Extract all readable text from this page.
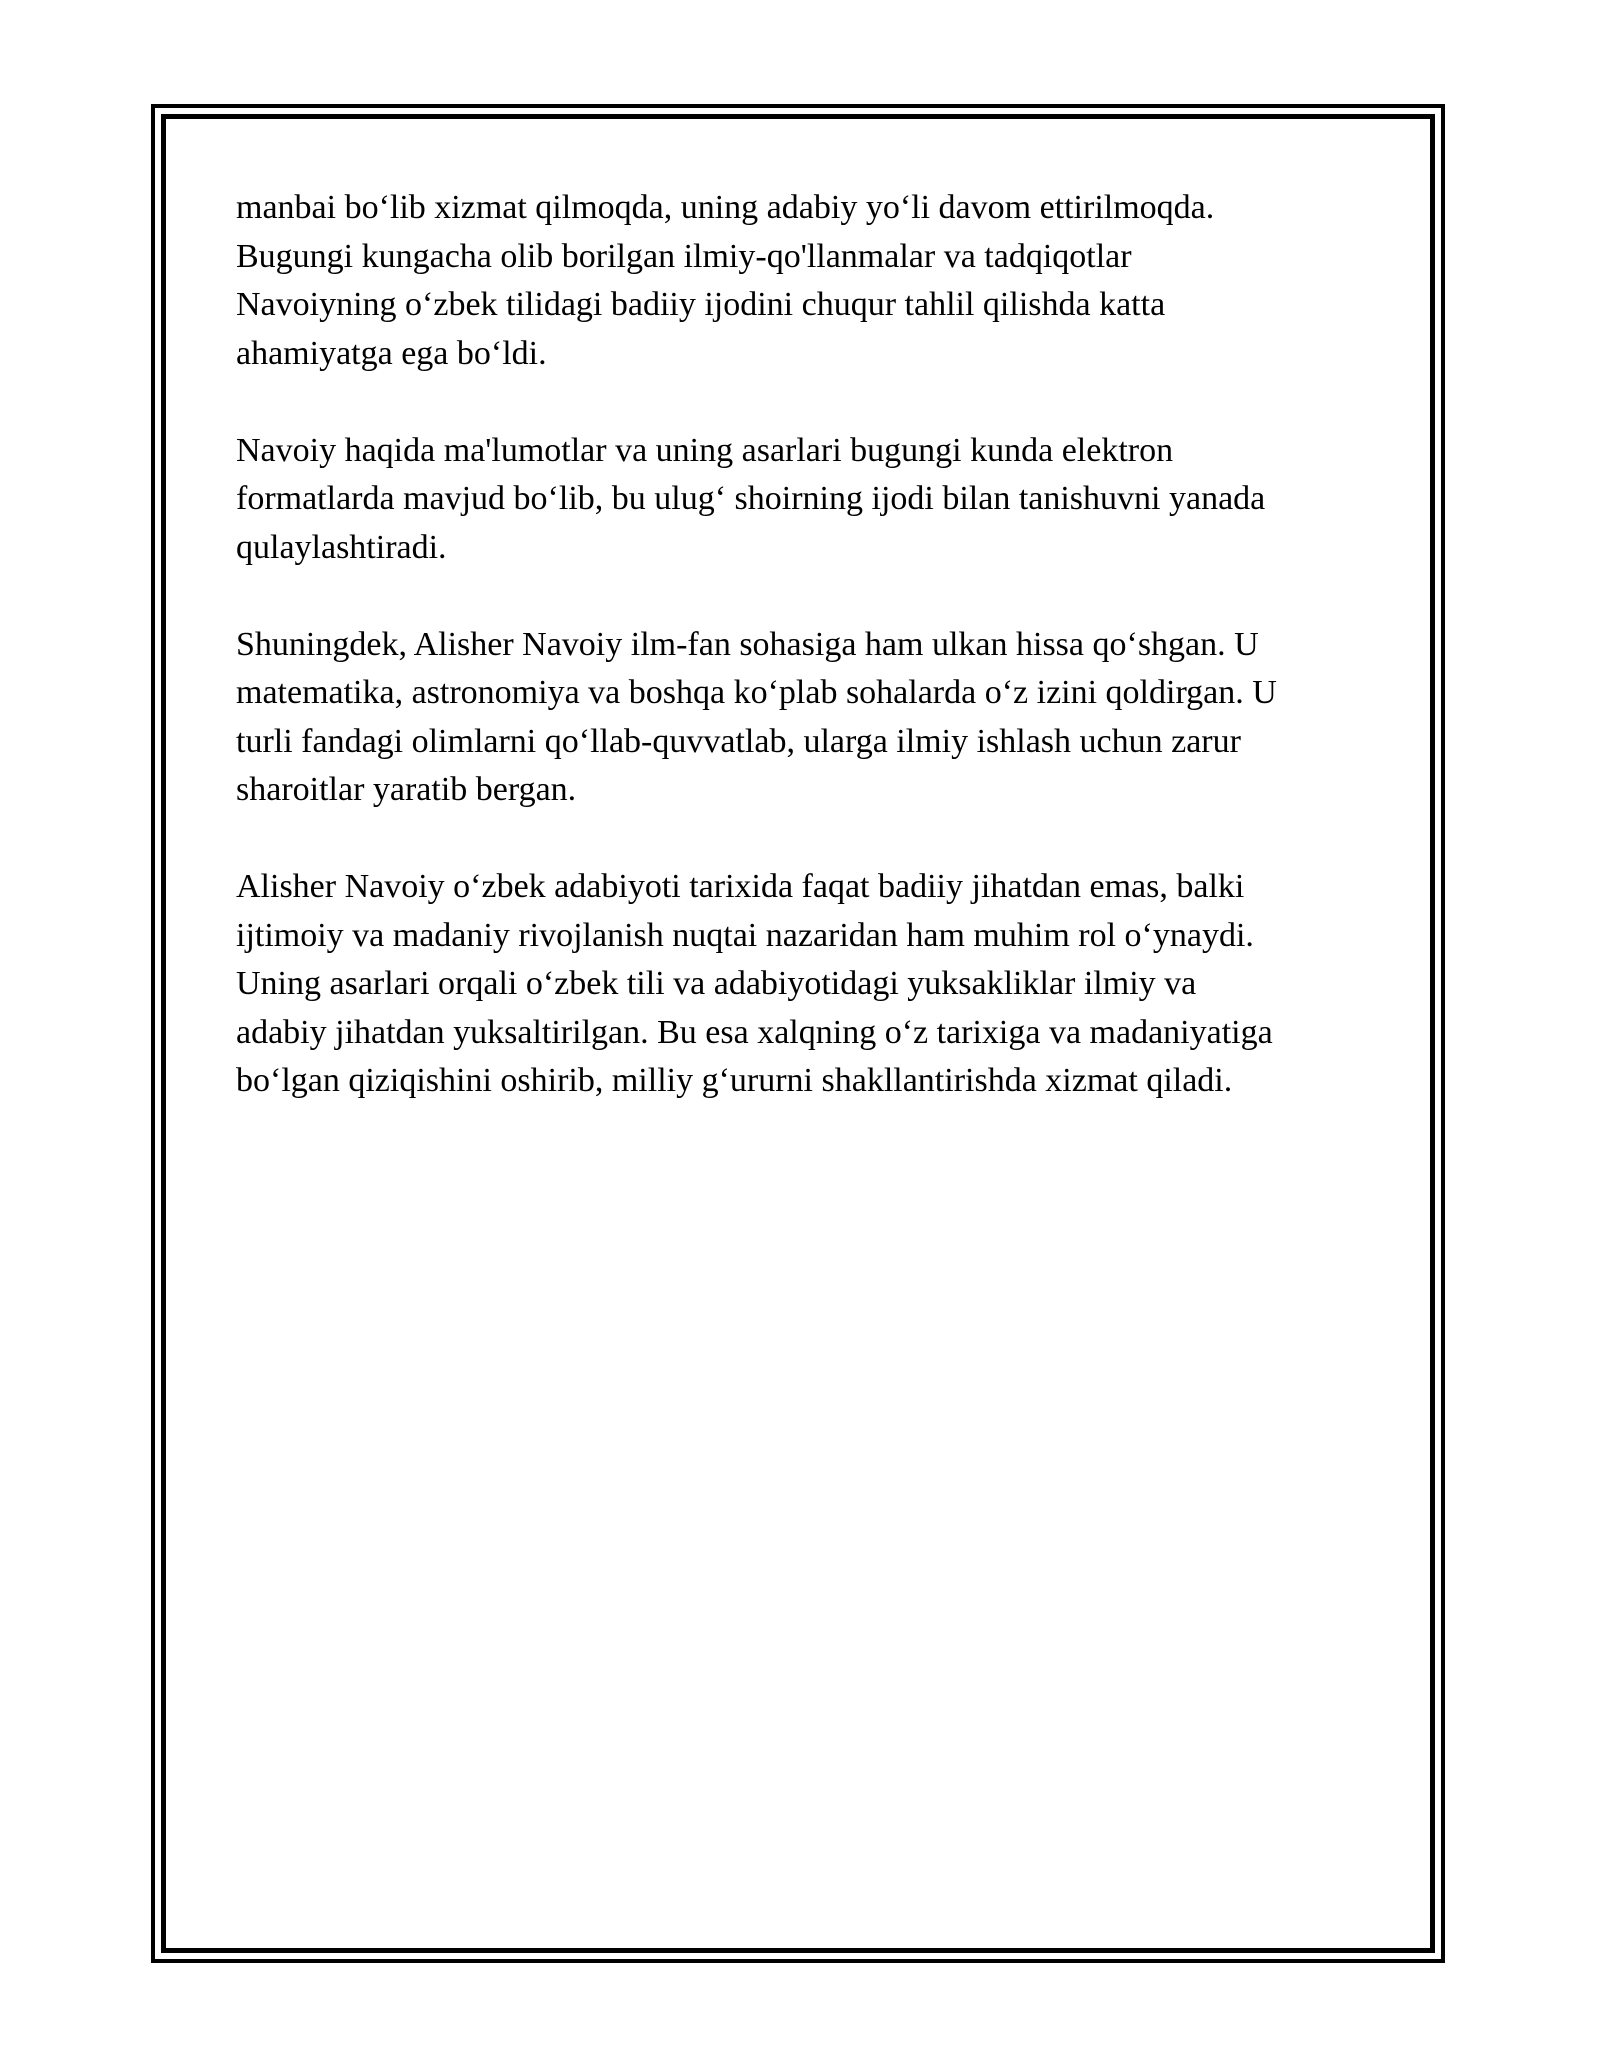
manbai bo‘lib xizmat qilmoqda, uning adabiy yo‘li davom ettirilmoqda.
Bugungi kungacha olib borilgan ilmiy-qo'llanmalar va tadqiqotlar
Navoiyning o‘zbek tilidagi badiiy ijodini chuqur tahlil qilishda katta
ahamiyatga ega bo‘ldi.

Navoiy haqida ma'lumotlar va uning asarlari bugungi kunda elektron
formatlarda mavjud bo‘lib, bu ulug‘ shoirning ijodi bilan tanishuvni yanada
qulaylashtiradi.

Shuningdek, Alisher Navoiy ilm-fan sohasiga ham ulkan hissa qo‘shgan. U
matematika, astronomiya va boshqa ko‘plab sohalarda o‘z izini qoldirgan. U
turli fandagi olimlarni qo‘llab-quvvatlab, ularga ilmiy ishlash uchun zarur
sharoitlar yaratib bergan.

Alisher Navoiy o‘zbek adabiyoti tarixida faqat badiiy jihatdan emas, balki
ijtimoiy va madaniy rivojlanish nuqtai nazaridan ham muhim rol o‘ynaydi.
Uning asarlari orqali o‘zbek tili va adabiyotidagi yuksakliklar ilmiy va
adabiy jihatdan yuksaltirilgan. Bu esa xalqning o‘z tarixiga va madaniyatiga
bo‘lgan qiziqishini oshirib, milliy g‘ururni shakllantirishda xizmat qiladi.
